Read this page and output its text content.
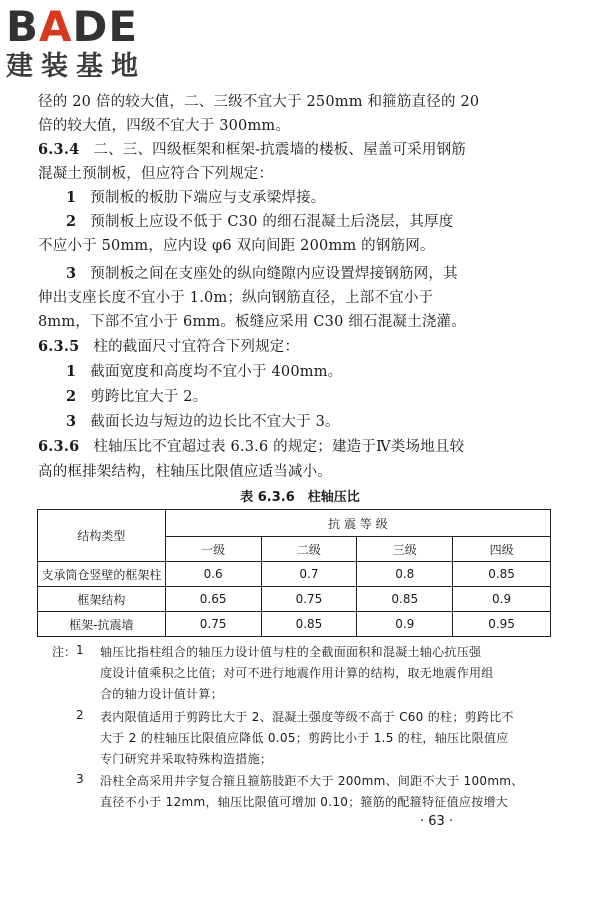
BADE
建装基地
径的 20 倍的较大值，二、三级不宜大于 250mm 和箍筋直径的 20
倍的较大值，四级不宜大于 300mm。
6.3.4 二、三、四级框架和框架-抗震墙的楼板、屋盖可采用钢筋
混凝土预制板，但应符合下列规定：
1 预制板的板肋下端应与支承梁焊接。
2 预制板上应设不低于 C30 的细石混凝土后浇层，其厚度
不应小于 50mm，应内设 φ6 双向间距 200mm 的钢筋网。
3 预制板之间在支座处的纵向缝隙内应设置焊接钢筋网，其
伸出支座长度不宜小于 1.0m；纵向钢筋直径，上部不宜小于
8mm，下部不宜小于 6mm。板缝应采用 C30 细石混凝土浇灌。
6.3.5 柱的截面尺寸宜符合下列规定：
1 截面宽度和高度均不宜小于 400mm。
2 剪跨比宜大于 2。
3 截面长边与短边的边长比不宜大于 3。
6.3.6 柱轴压比不宜超过表 6.3.6 的规定；建造于Ⅳ类场地且较
高的框排架结构，柱轴压比限值应适当减小。
表 6.3.6　柱轴压比
结构类型	抗 震 等 级			
	一级	二级	三级	四级
支承筒仓竖壁的框架柱	0.6	0.7	0.8	0.85
框架结构	0.65	0.75	0.85	0.9
框架-抗震墙	0.75	0.85	0.9	0.95
注： 1 轴压比指柱组合的轴压力设计值与柱的全截面面积和混凝土轴心抗压强
度设计值乘积之比值；对可不进行地震作用计算的结构，取无地震作用组
合的轴力设计值计算；
2 表内限值适用于剪跨比大于 2、混凝土强度等级不高于 C60 的柱；剪跨比不
大于 2 的柱轴压比限值应降低 0.05；剪跨比小于 1.5 的柱，轴压比限值应
专门研究并采取特殊构造措施；
3 沿柱全高采用井字复合箍且箍筋肢距不大于 200mm、间距不大于 100mm、
直径不小于 12mm，轴压比限值可增加 0.10；箍筋的配箍特征值应按增大
· 63 ·
